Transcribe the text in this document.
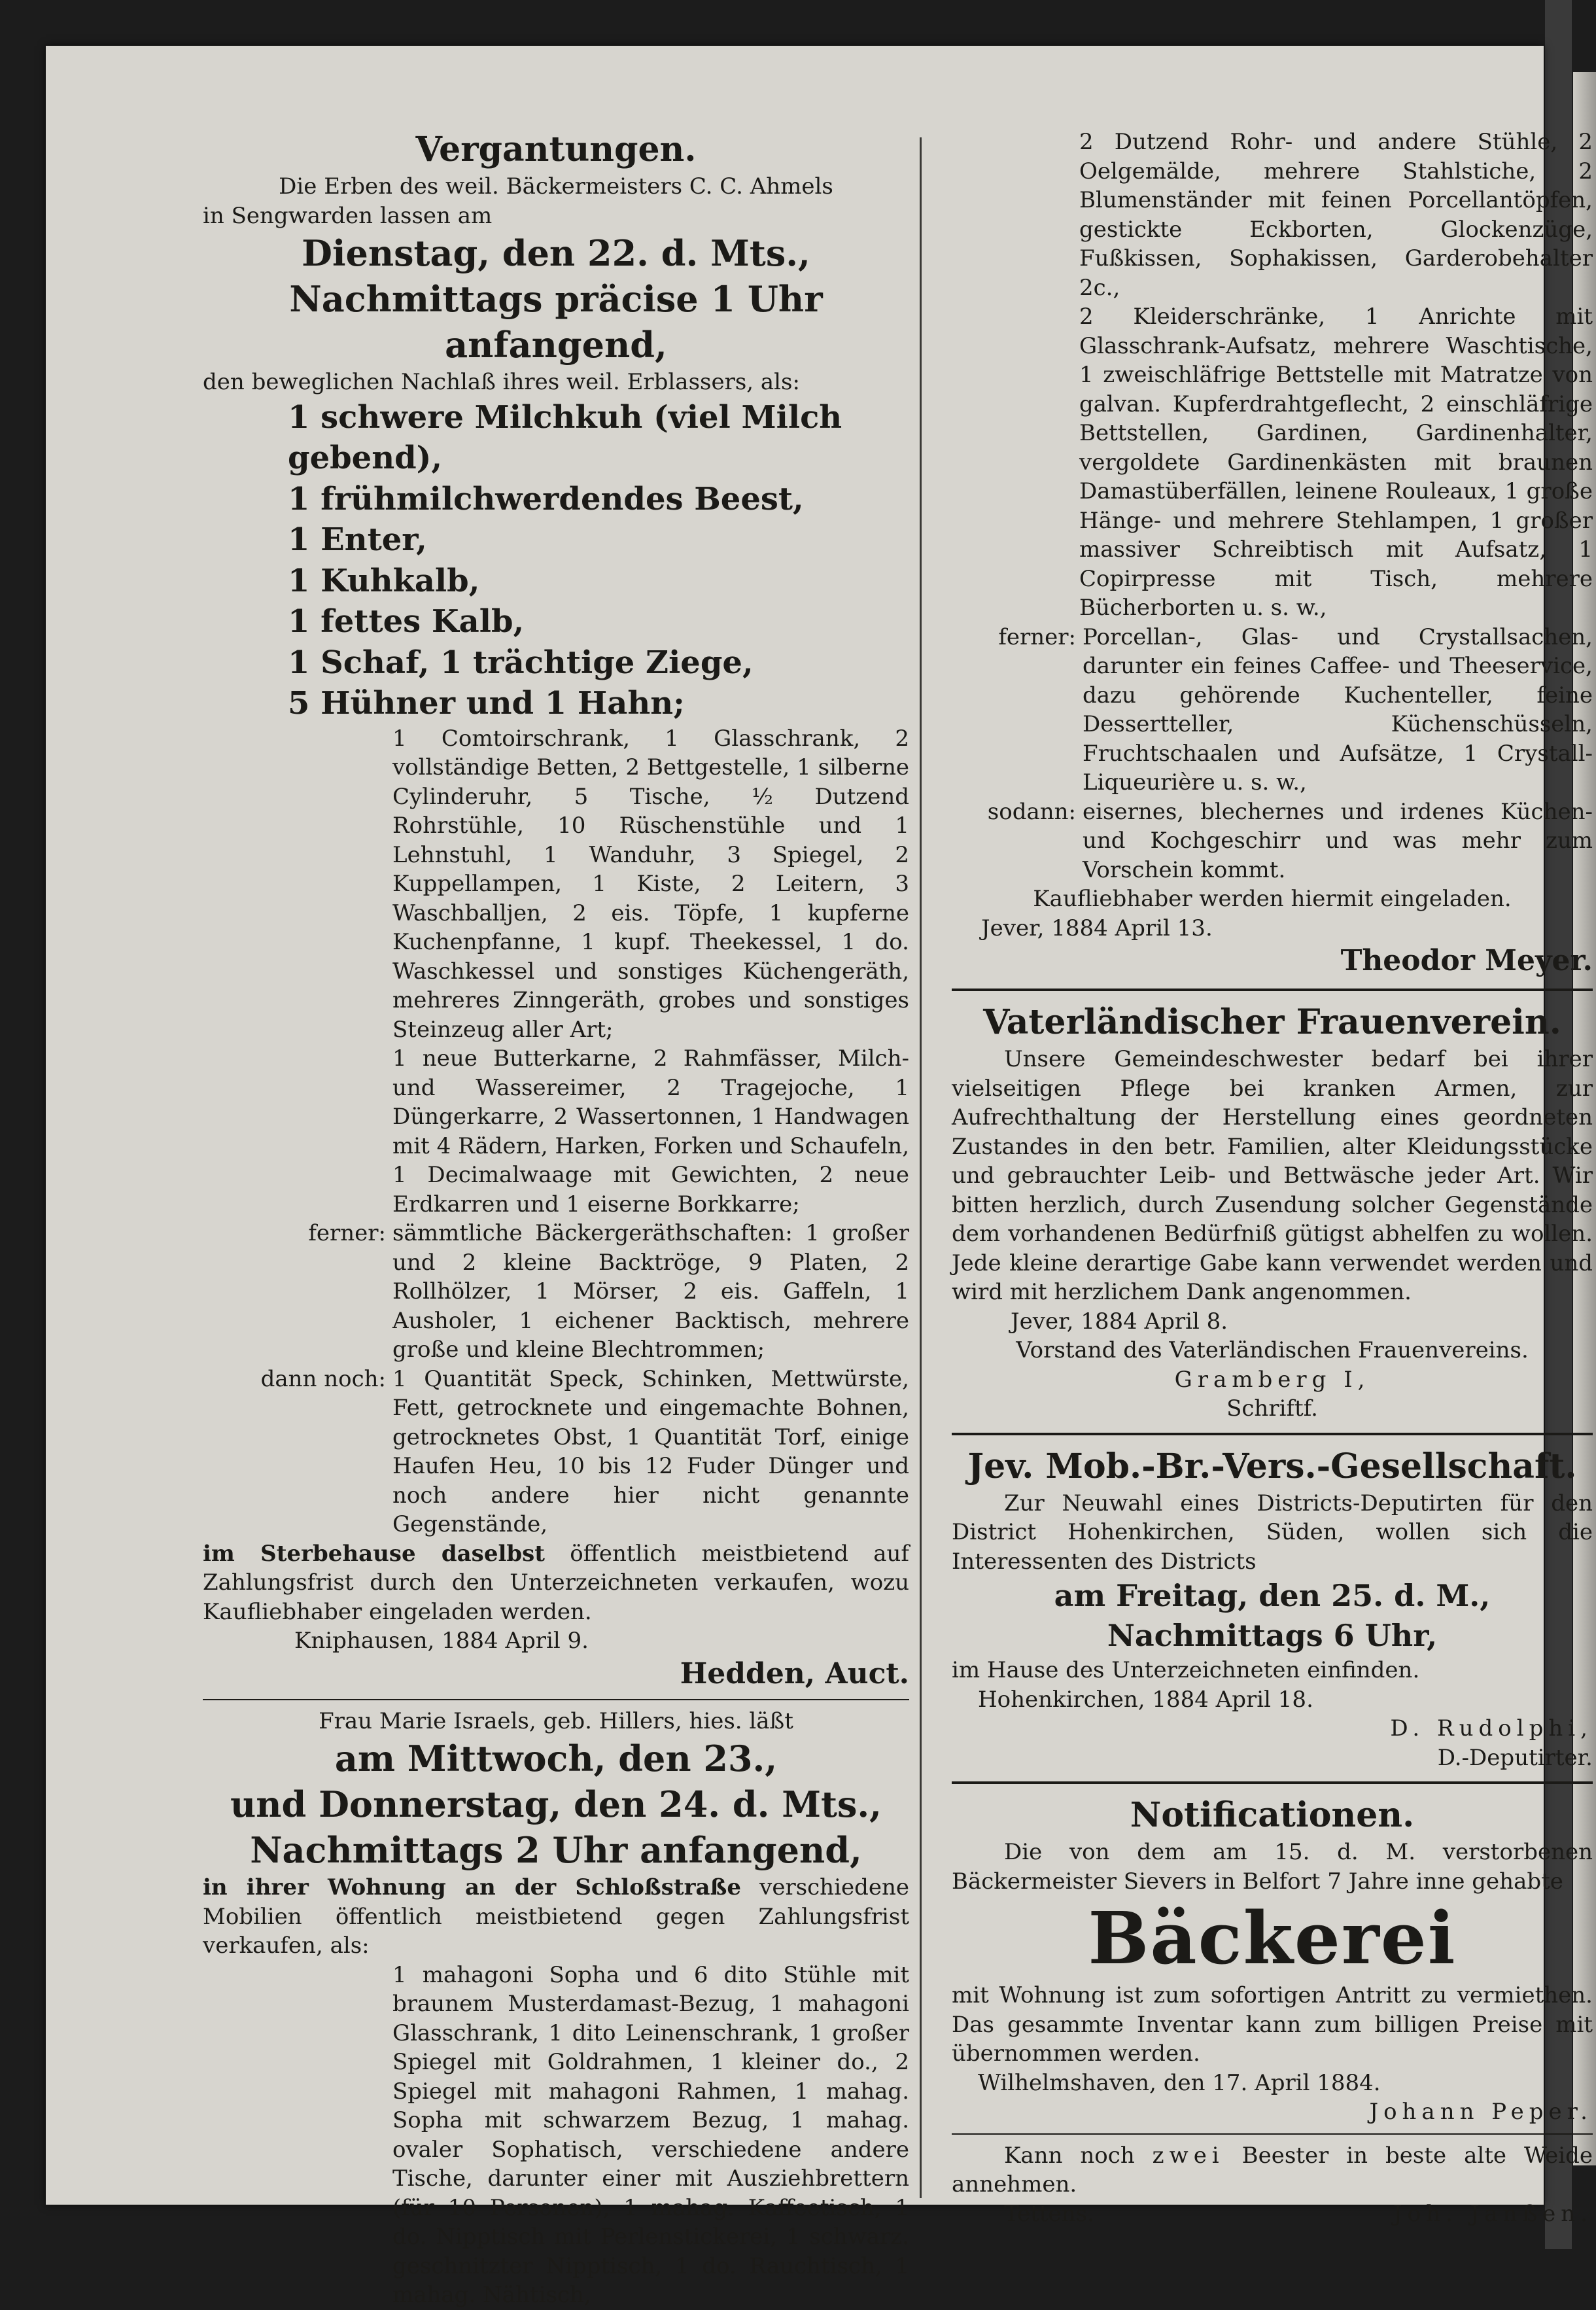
Vergantungen.

Die Erben des weil. Bäckermeisters C. C. Ahmels

in Sengwarden lassen am

Dienstag, den 22. d. Mts.,

Nachmittags präcise 1 Uhr anfangend,

den beweglichen Nachlaß ihres weil. Erblassers, als:

1 schwere Milchkuh (viel Milch gebend),

1 frühmilchwerdendes Beest,

1 Enter,

1 Kuhkalb,

1 fettes Kalb,

1 Schaf, 1 trächtige Ziege,

5 Hühner und 1 Hahn;

1 Comtoirschrank, 1 Glasschrank, 2 vollständige Betten, 2 Bettgestelle, 1 silberne Cylinderuhr, 5 Tische, ½ Dutzend Rohrstühle, 10 Rüschenstühle und 1 Lehnstuhl, 1 Wanduhr, 3 Spiegel, 2 Kuppellampen, 1 Kiste, 2 Leitern, 3 Waschballjen, 2 eis. Töpfe, 1 kupferne Kuchenpfanne, 1 kupf. Theekessel, 1 do. Waschkessel und sonstiges Küchengeräth, mehreres Zinngeräth, grobes und sonstiges Steinzeug aller Art;

1 neue Butterkarne, 2 Rahmfässer, Milch- und Wassereimer, 2 Tragejoche, 1 Düngerkarre, 2 Wassertonnen, 1 Handwagen mit 4 Rädern, Harken, Forken und Schaufeln, 1 Decimalwaage mit Gewichten, 2 neue Erdkarren und 1 eiserne Borkkarre;

ferner: sämmtliche Bäckergeräthschaften: 1 großer und 2 kleine Backtröge, 9 Platen, 2 Rollhölzer, 1 Mörser, 2 eis. Gaffeln, 1 Ausholer, 1 eichener Backtisch, mehrere große und kleine Blechtrommen;
dann noch: 1 Quantität Speck, Schinken, Mettwürste, Fett, getrocknete und eingemachte Bohnen, getrocknetes Obst, 1 Quantität Torf, einige Haufen Heu, 10 bis 12 Fuder Dünger und noch andere hier nicht genannte Gegenstände,

im Sterbehause daselbst öffentlich meistbietend auf Zahlungsfrist durch den Unterzeichneten verkaufen, wozu Kaufliebhaber eingeladen werden.

Kniphausen, 1884 April 9.

Hedden, Auct.

Frau Marie Israels, geb. Hillers, hies. läßt

am Mittwoch, den 23.,

und Donnerstag, den 24. d. Mts.,

Nachmittags 2 Uhr anfangend,

in ihrer Wohnung an der Schloßstraße verschiedene Mobilien öffentlich meistbietend gegen Zahlungsfrist verkaufen, als:

1 mahagoni Sopha und 6 dito Stühle mit braunem Musterdamast-Bezug, 1 mahagoni Glasschrank, 1 dito Leinenschrank, 1 großer Spiegel mit Goldrahmen, 1 kleiner do., 2 Spiegel mit mahagoni Rahmen, 1 mahag. Sopha mit schwarzem Bezug, 1 mahag. ovaler Sophatisch, verschiedene andere Tische, darunter einer mit Ausziehbrettern (für 10 Personen), 1 mahag. Kaffeetisch, 1 do. Nipptisch mit Perlenstickerei, 1 schwarz. geschnitzter Nipptisch, 1 do. Rauchtisch, 1 mahag. Nähtisch,

2 Dutzend Rohr- und andere Stühle, 2 Oelgemälde, mehrere Stahlstiche, 2 Blumenständer mit feinen Porcellantöpfen, gestickte Eckborten, Glockenzüge, Fußkissen, Sophakissen, Garderobehalter 2c.,

2 Kleiderschränke, 1 Anrichte mit Glasschrank-Aufsatz, mehrere Waschtische, 1 zweischläfrige Bettstelle mit Matratze von galvan. Kupferdrahtgeflecht, 2 einschläfrige Bettstellen, Gardinen, Gardinenhalter, vergoldete Gardinenkästen mit braunen Damastüberfällen, leinene Rouleaux, 1 große Hänge- und mehrere Stehlampen, 1 großer massiver Schreibtisch mit Aufsatz, 1 Copirpresse mit Tisch, mehrere Bücherborten u. s. w.,

ferner: Porcellan-, Glas- und Crystallsachen, darunter ein feines Caffee- und Theeservice, dazu gehörende Kuchenteller, feine Dessertteller, Küchenschüsseln, Fruchtschaalen und Aufsätze, 1 Crystall-Liqueurière u. s. w.,
sodann: eisernes, blechernes und irdenes Küchen- und Kochgeschirr und was mehr zum Vorschein kommt.

Kaufliebhaber werden hiermit eingeladen.

Jever, 1884 April 13.

Theodor Meyer.

Vaterländischer Frauenverein.

Unsere Gemeindeschwester bedarf bei ihrer vielseitigen Pflege bei kranken Armen, zur Aufrechthaltung der Herstellung eines geordneten Zustandes in den betr. Familien, alter Kleidungsstücke und gebrauchter Leib- und Bettwäsche jeder Art. Wir bitten herzlich, durch Zusendung solcher Gegenstände dem vorhandenen Bedürfniß gütigst abhelfen zu wollen. Jede kleine derartige Gabe kann verwendet werden und wird mit herzlichem Dank angenommen.

Jever, 1884 April 8.

Vorstand des Vaterländischen Frauenvereins.

Gramberg I,

Schriftf.

Jev. Mob.-Br.-Vers.-Gesellschaft.

Zur Neuwahl eines Districts-Deputirten für den District Hohenkirchen, Süden, wollen sich die Interessenten des Districts

am Freitag, den 25. d. M.,

Nachmittags 6 Uhr,

im Hause des Unterzeichneten einfinden.

Hohenkirchen, 1884 April 18.

D. Rudolphi,

D.-Deputirter.

Notificationen.

Die von dem am 15. d. M. verstorbenen Bäckermeister Sievers in Belfort 7 Jahre inne gehabte

Bäckerei

mit Wohnung ist zum sofortigen Antritt zu vermiethen. Das gesammte Inventar kann zum billigen Preise mit übernommen werden.

Wilhelmshaven, den 17. April 1884.

Johann Peper.

Kann noch zwei Beester in beste alte Weide annehmen.

Tettens.	Joh. Janßen.
